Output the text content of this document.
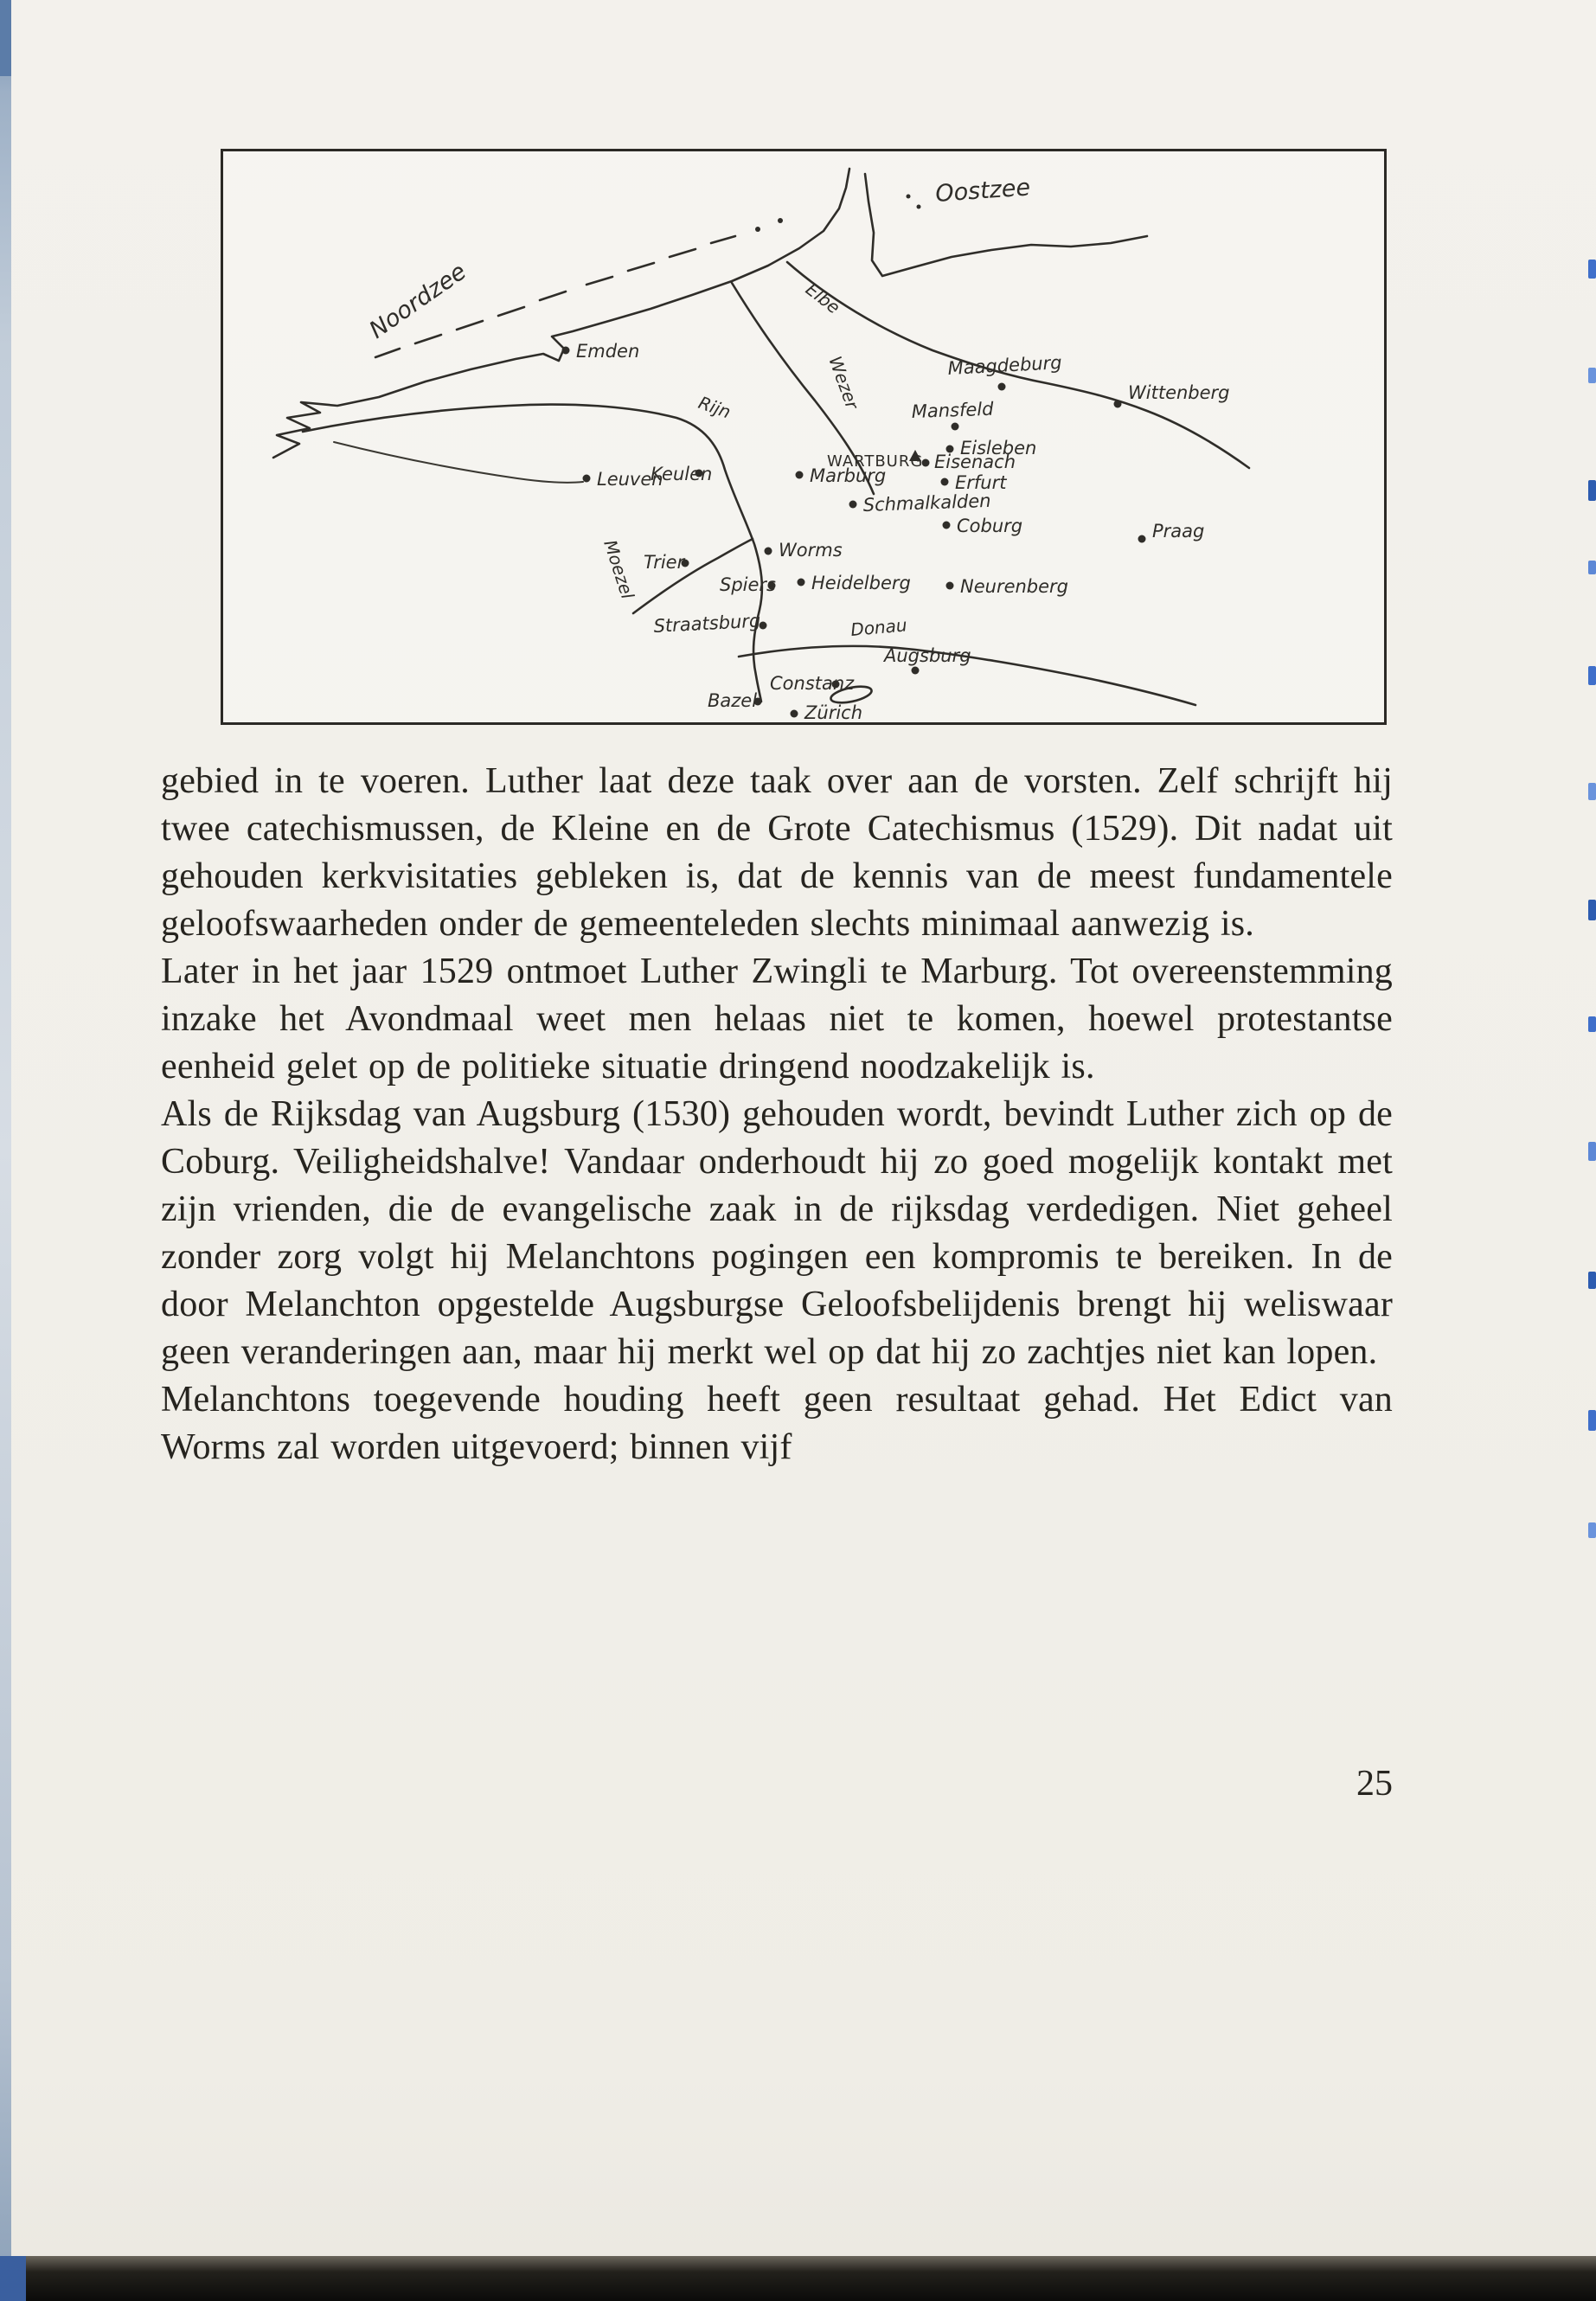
Noordzee
Oostzee
Elbe
Wezer
Rijn
Moezel
Donau
Emden
Maagdeburg
Wittenberg
Mansfeld
Eisleben
WARTBURG Eisenach
Erfurt
Marburg
Keulen
Leuven
Schmalkalden
Coburg	Praag
Worms
Trier
Spiers Heidelberg	Neurenberg
Straatsburg
Augsburg
Constanz
Bazel
Zürich

gebied in te voeren. Luther laat deze taak over aan de vorsten. Zelf schrijft hij twee catechismussen, de Kleine en de Grote Catechismus (1529). Dit nadat uit gehouden kerkvisitaties gebleken is, dat de kennis van de meest fundamentele geloofswaarheden onder de gemeenteleden slechts minimaal aanwezig is.

Later in het jaar 1529 ontmoet Luther Zwingli te Marburg. Tot overeenstemming inzake het Avondmaal weet men helaas niet te komen, hoewel protestantse eenheid gelet op de politieke situatie dringend noodzakelijk is.

Als de Rijksdag van Augsburg (1530) gehouden wordt, bevindt Luther zich op de Coburg. Veiligheidshalve! Vandaar onderhoudt hij zo goed mogelijk kontakt met zijn vrienden, die de evangelische zaak in de rijksdag verdedigen. Niet geheel zonder zorg volgt hij Melanchtons pogingen een kompromis te bereiken. In de door Melanchton opgestelde Augsburgse Geloofsbelijdenis brengt hij weliswaar geen veranderingen aan, maar hij merkt wel op dat hij zo zachtjes niet kan lopen.

Melanchtons toegevende houding heeft geen resultaat gehad. Het Edict van Worms zal worden uitgevoerd; binnen vijf

25
